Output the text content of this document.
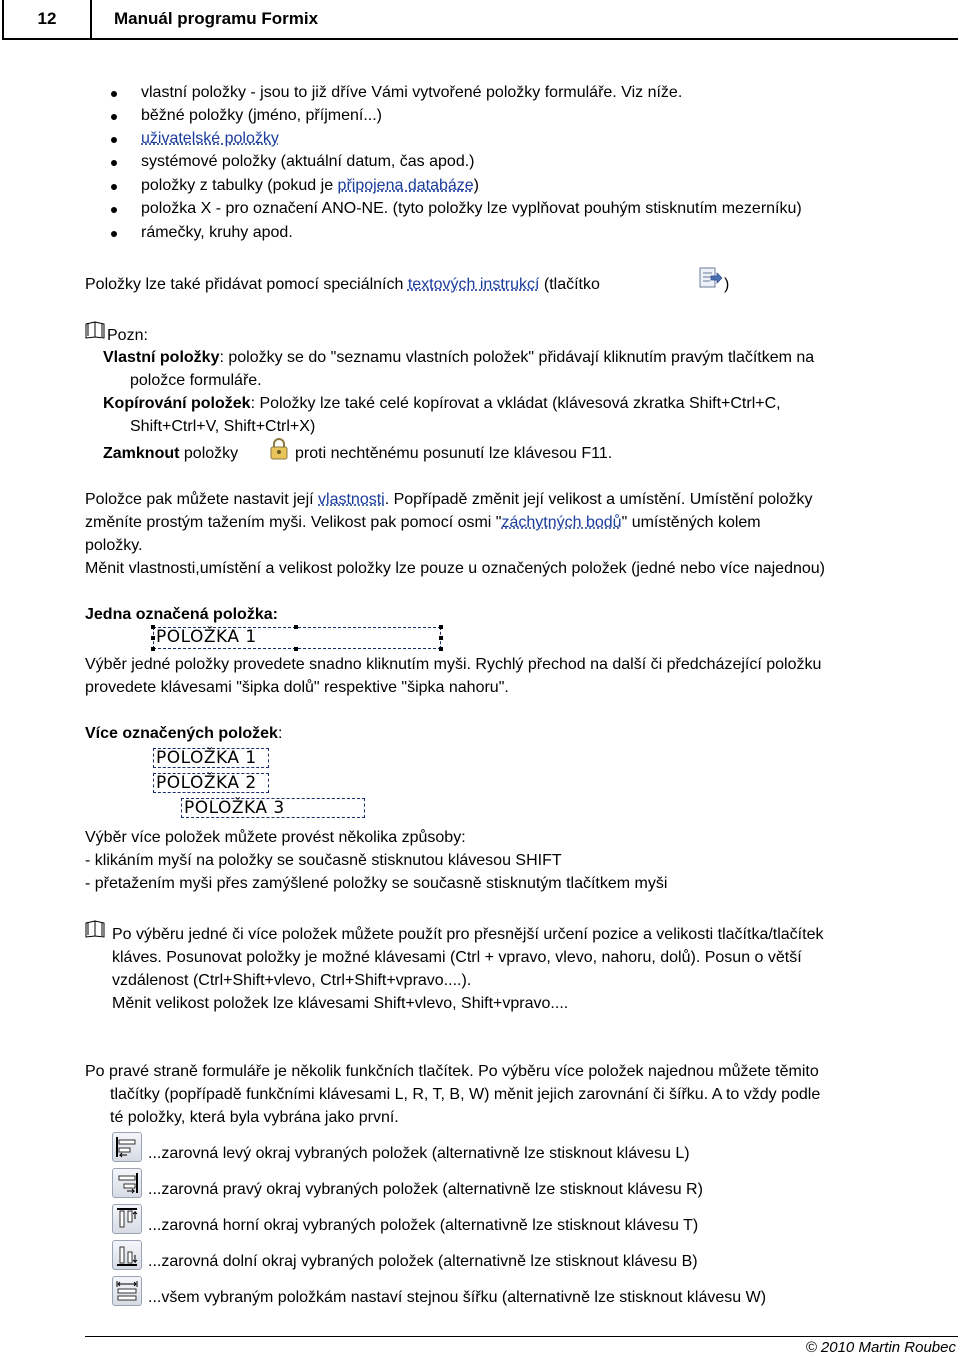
12	Manuál programu Formix
vlastní položky - jsou to již dříve Vámi vytvořené položky formuláře. Viz níže.
běžné položky (jméno, příjmení...)
uživatelské položky
systémové položky (aktuální datum, čas apod.)
položky z tabulky (pokud je připojena databáze)
položka X - pro označení ANO-NE. (tyto položky lze vyplňovat pouhým stisknutím mezerníku)
rámečky, kruhy apod.
Položky lze také přidávat pomocí speciálních textových instrukcí (tlačítko	)
Pozn:
Vlastní položky: položky se do "seznamu vlastních položek" přidávají kliknutím pravým tlačítkem na
položce formuláře.
Kopírování položek: Položky lze také celé kopírovat a vkládat (klávesová zkratka Shift+Ctrl+C,
Shift+Ctrl+V, Shift+Ctrl+X)
Zamknout položky	proti nechtěnému posunutí lze klávesou F11.
Položce pak můžete nastavit její vlastnosti. Popřípadě změnit její velikost a umístění. Umístění položky
změníte prostým tažením myši. Velikost pak pomocí osmi "záchytných bodů" umístěných kolem
položky.
Měnit vlastnosti,umístění a velikost položky lze pouze u označených položek (jedné nebo více najednou)
Jedna označená položka:
POLOŽKA 1
Výběr jedné položky provedete snadno kliknutím myši. Rychlý přechod na další či předcházející položku
provedete klávesami "šipka dolů" respektive "šipka nahoru".
Více označených položek:
POLOŽKA 1
POLOŽKA 2
POLOŽKA 3
Výběr více položek můžete provést několika způsoby:
- klikáním myší na položky se současně stisknutou klávesou SHIFT
- přetažením myši přes zamýšlené položky se současně stisknutým tlačítkem myši
Po výběru jedné či více položek můžete použít pro přesnější určení pozice a velikosti tlačítka/tlačítek
kláves. Posunovat položky je možné klávesami (Ctrl + vpravo, vlevo, nahoru, dolů). Posun o větší
vzdálenost (Ctrl+Shift+vlevo, Ctrl+Shift+vpravo....).
Měnit velikost položek lze klávesami Shift+vlevo, Shift+vpravo....
Po pravé straně formuláře je několik funkčních tlačítek. Po výběru více položek najednou můžete těmito
tlačítky (popřípadě funkčními klávesami L, R, T, B, W) měnit jejich zarovnání či šířku. A to vždy podle
té položky, která byla vybrána jako první.
...zarovná levý okraj vybraných položek (alternativně lze stisknout klávesu L)
...zarovná pravý okraj vybraných položek (alternativně lze stisknout klávesu R)
...zarovná horní okraj vybraných položek (alternativně lze stisknout klávesu T)
...zarovná dolní okraj vybraných položek (alternativně lze stisknout klávesu B)
...všem vybraným položkám nastaví stejnou šířku (alternativně lze stisknout klávesu W)
© 2010 Martin Roubec
